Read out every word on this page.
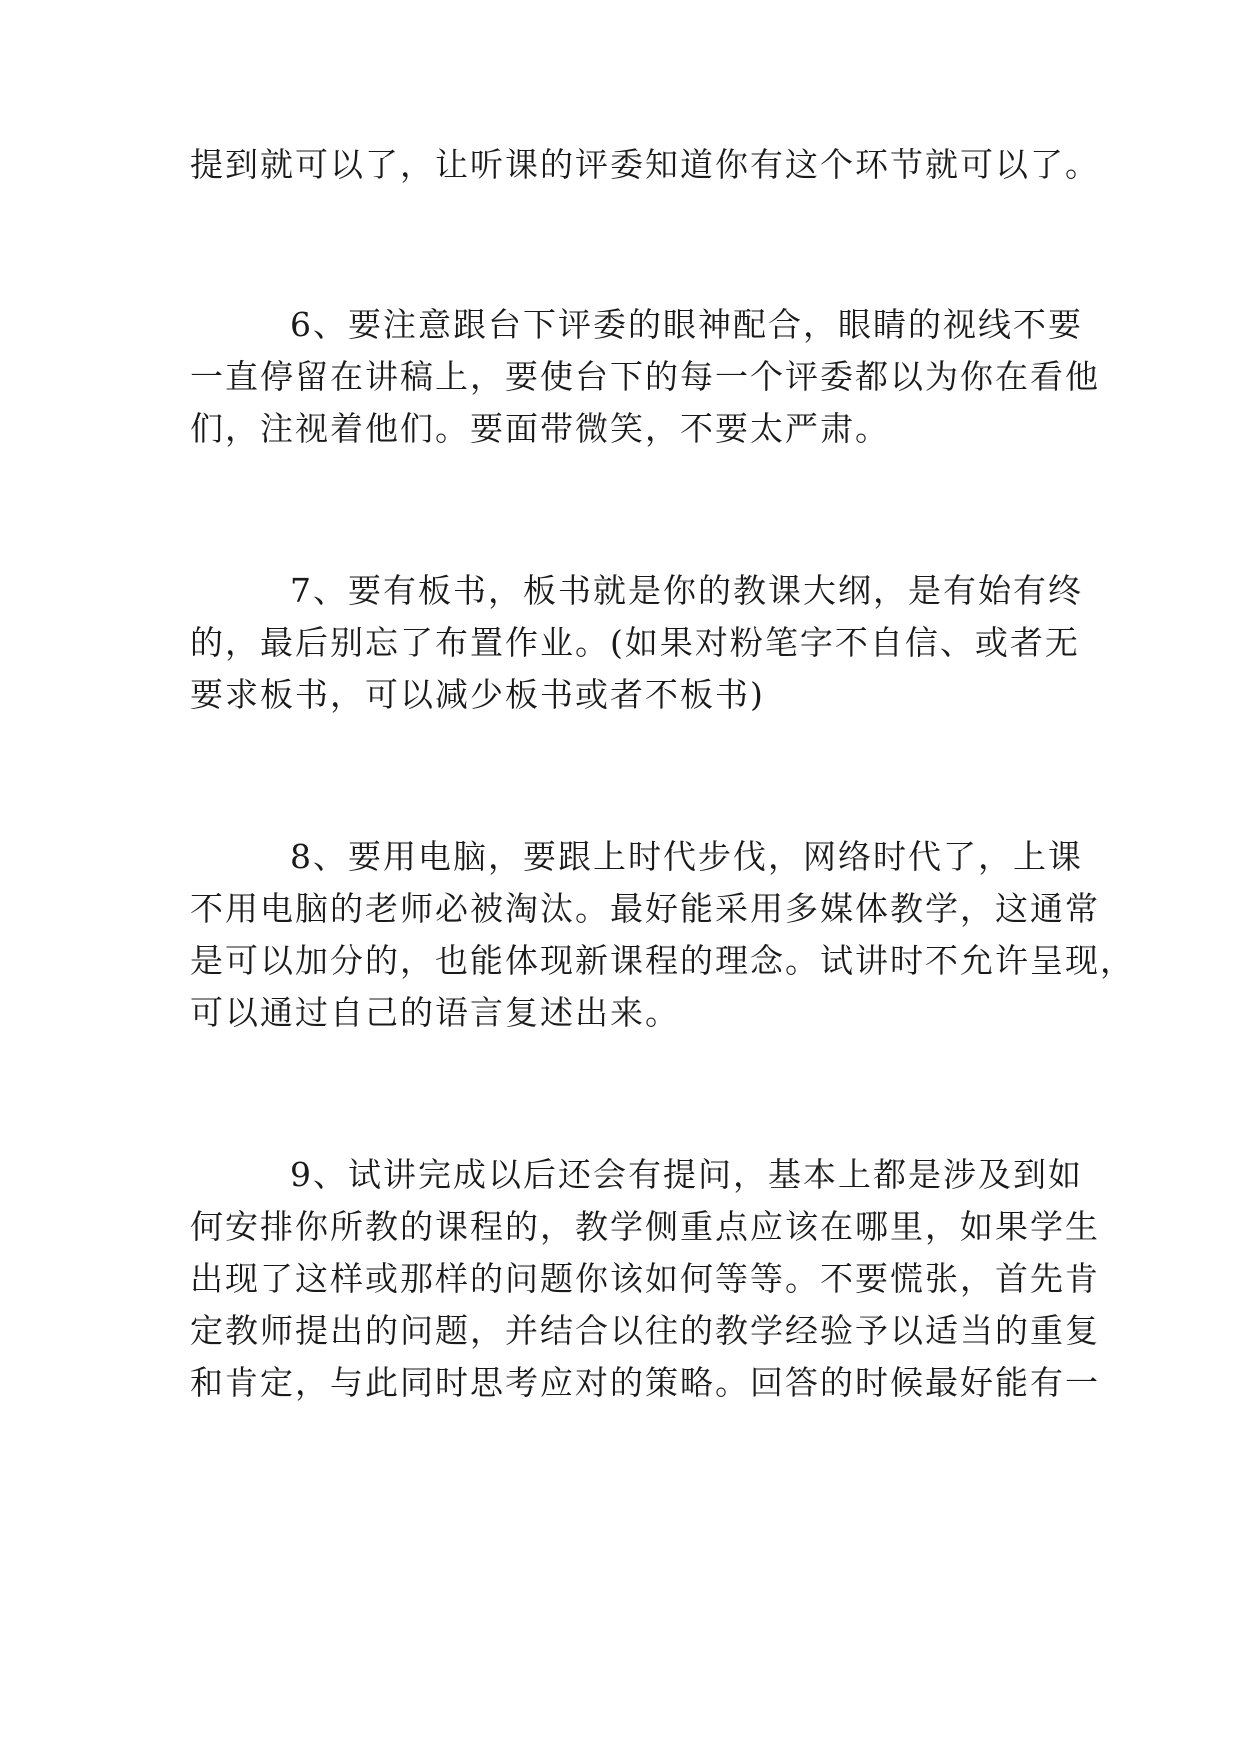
提到就可以了，让听课的评委知道你有这个环节就可以了。
6、要注意跟台下评委的眼神配合，眼睛的视线不要
一直停留在讲稿上，要使台下的每一个评委都以为你在看他
们，注视着他们。要面带微笑，不要太严肃。
7、要有板书，板书就是你的教课大纲，是有始有终
的，最后别忘了布置作业。(如果对粉笔字不自信、或者无
要求板书，可以减少板书或者不板书)
8、要用电脑，要跟上时代步伐，网络时代了，上课
不用电脑的老师必被淘汰。最好能采用多媒体教学，这通常
是可以加分的，也能体现新课程的理念。试讲时不允许呈现，
可以通过自己的语言复述出来。
9、试讲完成以后还会有提问，基本上都是涉及到如
何安排你所教的课程的，教学侧重点应该在哪里，如果学生
出现了这样或那样的问题你该如何等等。不要慌张，首先肯
定教师提出的问题，并结合以往的教学经验予以适当的重复
和肯定，与此同时思考应对的策略。回答的时候最好能有一
